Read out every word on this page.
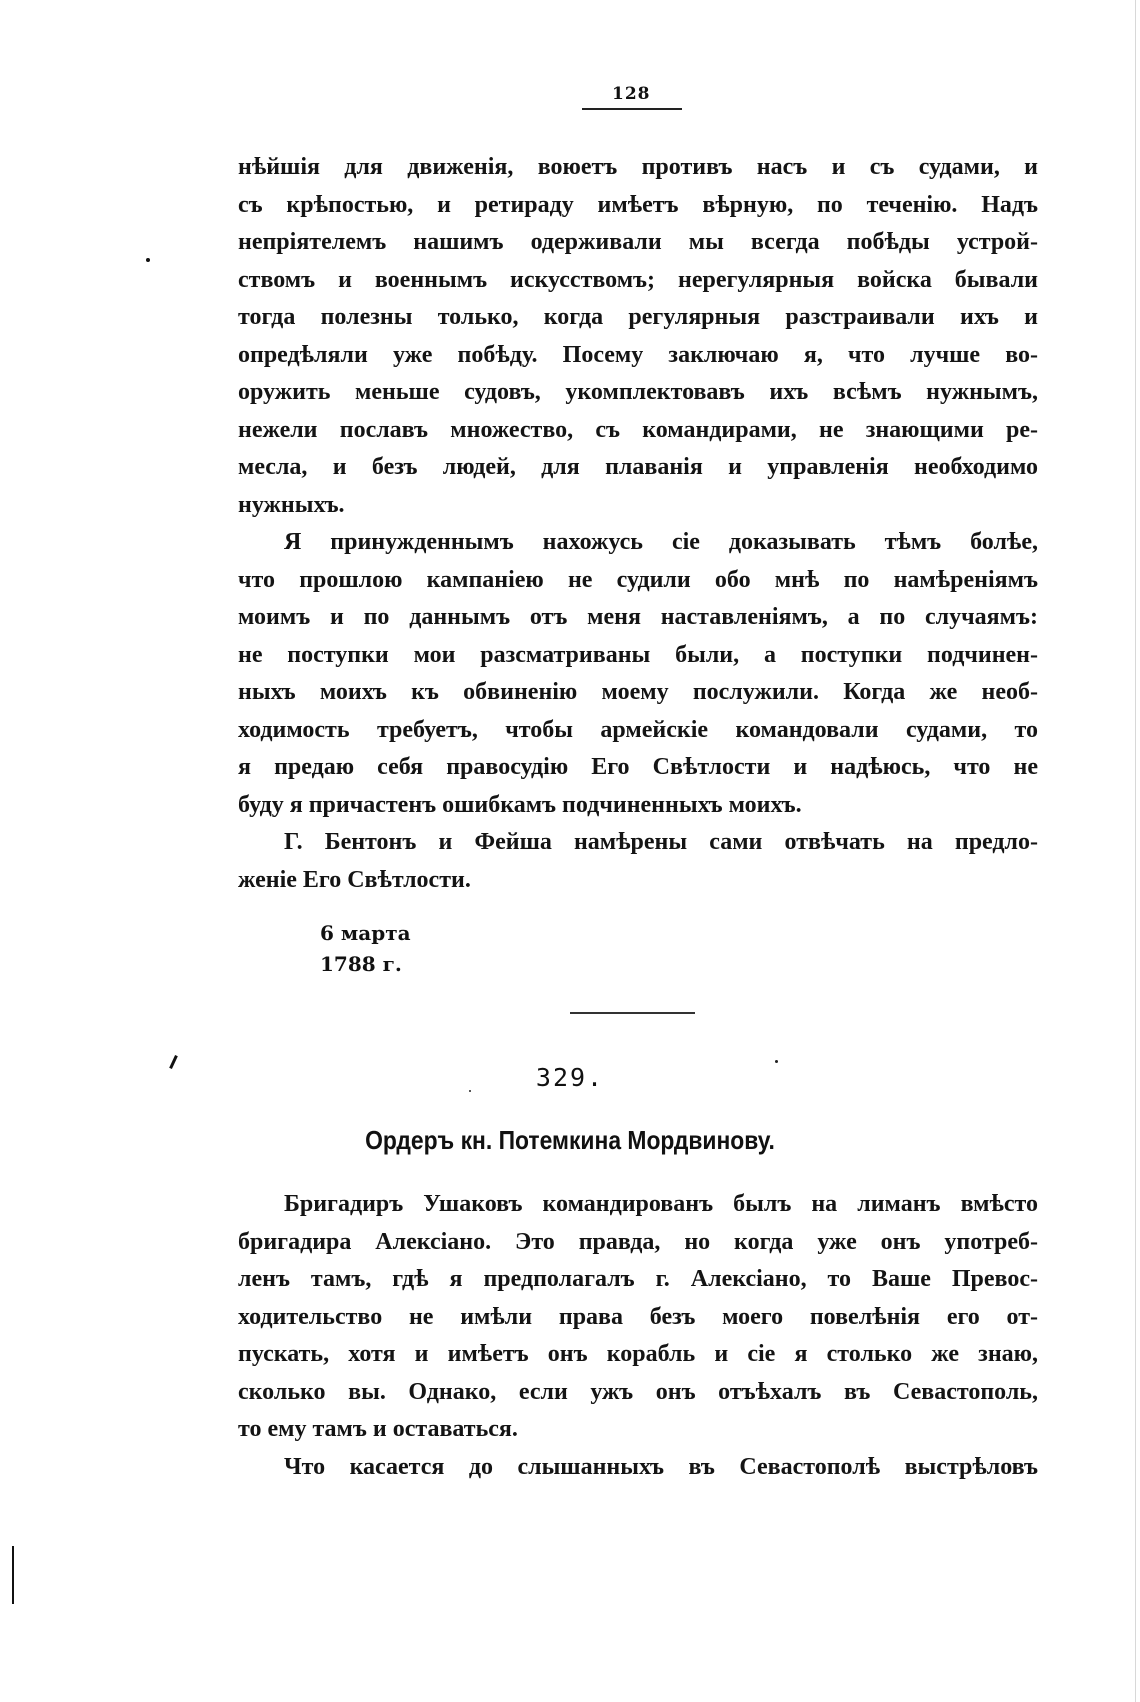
128

нѣйшія для движенія, воюетъ противъ насъ и съ судами, и
съ крѣпостью, и ретираду имѣетъ вѣрную, по теченію. Надъ
непріятелемъ нашимъ одерживали мы всегда побѣды устрой-
ствомъ и военнымъ искусствомъ; нерегулярныя войска бывали
тогда полезны только, когда регулярныя разстраивали ихъ и
опредѣляли уже побѣду. Посему заключаю я, что лучше во-
оружить меньше судовъ, укомплектовавъ ихъ всѣмъ нужнымъ,
нежели пославъ множество, съ командирами, не знающими ре-
месла, и безъ людей, для плаванія и управленія необходимо
нужныхъ.

Я принужденнымъ нахожусь сіе доказывать тѣмъ болѣе,
что прошлою кампаніею не судили обо мнѣ по намѣреніямъ
моимъ и по даннымъ отъ меня наставленіямъ, а по случаямъ:
не поступки мои разсматриваны были, а поступки подчинен-
ныхъ моихъ къ обвиненію моему послужили. Когда же необ-
ходимость требуетъ, чтобы армейскіе командовали судами, то
я предаю себя правосудію Его Свѣтлости и надѣюсь, что не
буду я причастенъ ошибкамъ подчиненныхъ моихъ.

Г. Бентонъ и Фейша намѣрены сами отвѣчать на предло-
женіе Его Свѣтлости.

6 марта
1788 г.
329.
Ордеръ кн. Потемкина Мордвинову.

Бригадиръ Ушаковъ командированъ былъ на лиманъ вмѣсто
бригадира Алексіано. Это правда, но когда уже онъ употреб-
ленъ тамъ, гдѣ я предполагалъ г. Алексіано, то Ваше Превос-
ходительство не имѣли права безъ моего повелѣнія его от-
пускать, хотя и имѣетъ онъ корабль и сіе я столько же знаю,
сколько вы. Однако, если ужъ онъ отъѣхалъ въ Севастополь,
то ему тамъ и оставаться.

Что касается до слышанныхъ въ Севастополѣ выстрѣловъ
